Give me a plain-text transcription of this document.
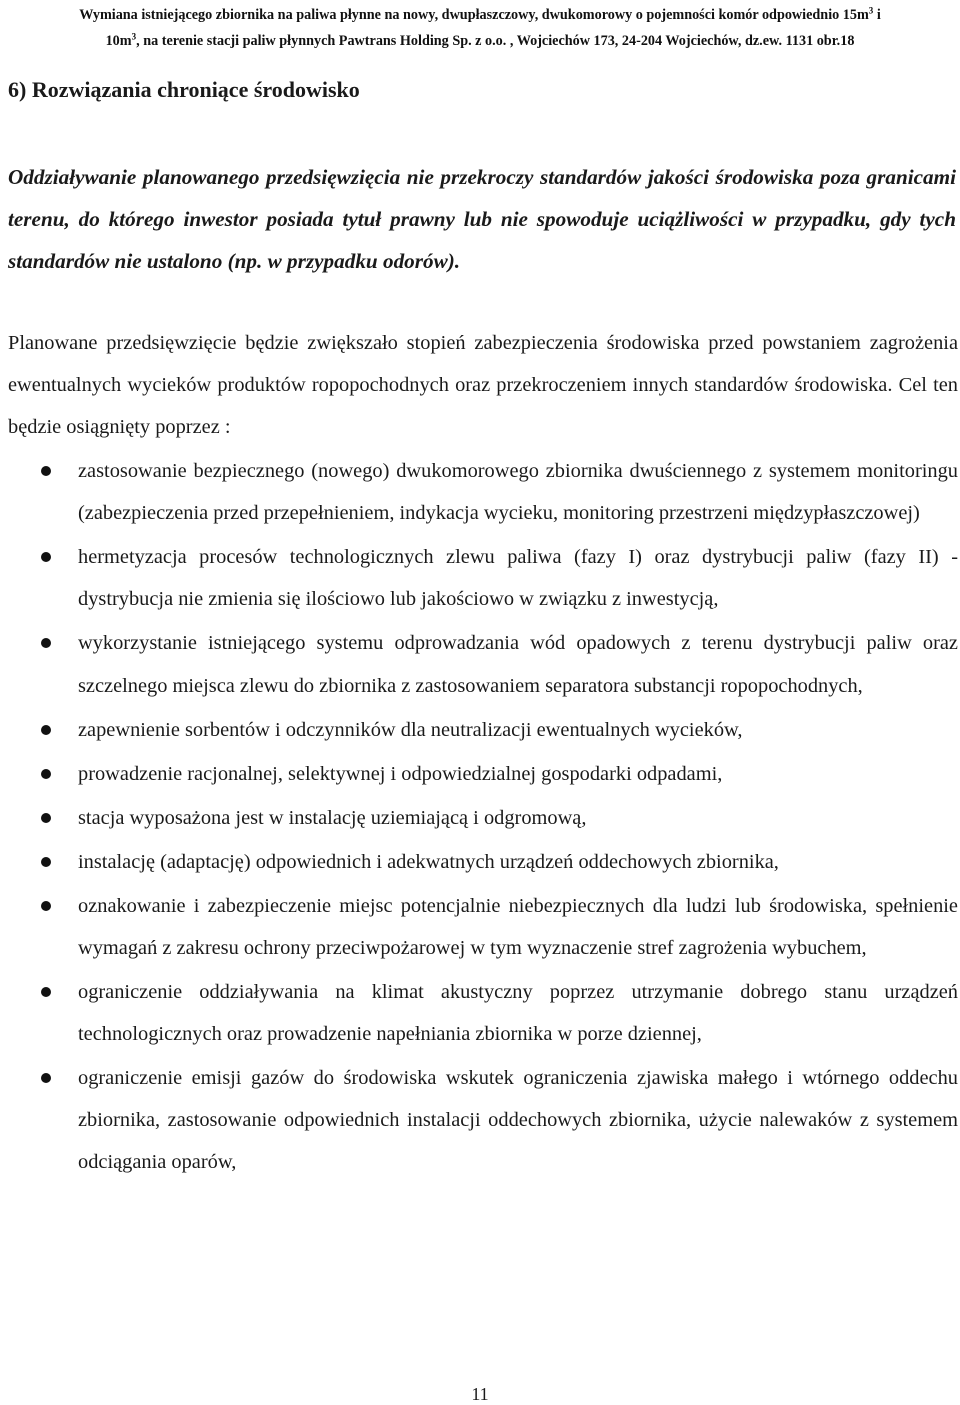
Wymiana istniejącego zbiornika na paliwa płynne na nowy, dwupłaszczowy, dwukomorowy o pojemności komór odpowiednio $15m^3$ i
$10m^3$, na terenie stacji paliw płynnych Pawtrans Holding Sp. z o.o. , Wojciechów 173, 24-204 Wojciechów, dz.ew. 1131 obr.18
6) Rozwiązania chroniące środowisko

Oddziaływanie planowanego przedsięwzięcia nie przekroczy standardów jakości środowiska poza granicami terenu, do którego inwestor posiada tytuł prawny lub nie spowoduje uciążliwości w przypadku, gdy tych standardów nie ustalono (np. w przypadku odorów).

Planowane przedsięwzięcie będzie zwiększało stopień zabezpieczenia środowiska przed powstaniem zagrożenia ewentualnych wycieków produktów ropopochodnych oraz przekroczeniem innych standardów środowiska. Cel ten będzie osiągnięty poprzez :

zastosowanie bezpiecznego (nowego) dwukomorowego zbiornika dwuściennego z systemem monitoringu (zabezpieczenia przed przepełnieniem, indykacja wycieku, monitoring przestrzeni międzypłaszczowej)
hermetyzacja procesów technologicznych zlewu paliwa (fazy I) oraz dystrybucji paliw (fazy II) - dystrybucja nie zmienia się ilościowo lub jakościowo w związku z inwestycją,
wykorzystanie istniejącego systemu odprowadzania wód opadowych z terenu dystrybucji paliw oraz szczelnego miejsca zlewu do zbiornika z zastosowaniem separatora substancji ropopochodnych,
zapewnienie sorbentów i odczynników dla neutralizacji ewentualnych wycieków,
prowadzenie racjonalnej, selektywnej i odpowiedzialnej gospodarki odpadami,
stacja wyposażona jest w instalację uziemiającą i odgromową,
instalację (adaptację) odpowiednich i adekwatnych urządzeń oddechowych zbiornika,
oznakowanie i zabezpieczenie miejsc potencjalnie niebezpiecznych dla ludzi lub środowiska, spełnienie wymagań z zakresu ochrony przeciwpożarowej w tym wyznaczenie stref zagrożenia wybuchem,
ograniczenie oddziaływania na klimat akustyczny poprzez utrzymanie dobrego stanu urządzeń technologicznych oraz prowadzenie napełniania zbiornika w porze dziennej,
ograniczenie emisji gazów do środowiska wskutek ograniczenia zjawiska małego i wtórnego oddechu zbiornika, zastosowanie odpowiednich instalacji oddechowych zbiornika, użycie nalewaków z systemem odciągania oparów,
11
